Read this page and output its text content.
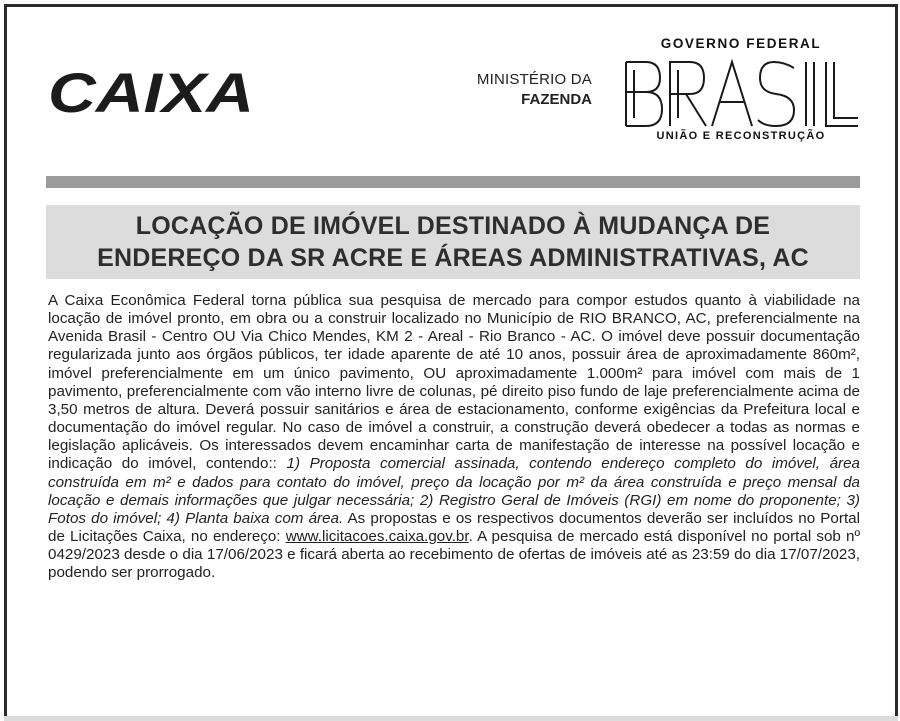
CAIXA	MINISTÉRIO DA
FAZENDA
GOVERNO FEDERAL
UNIÃO E RECONSTRUÇÃO
LOCAÇÃO DE IMÓVEL DESTINADO À MUDANÇA DE
ENDEREÇO DA SR ACRE E ÁREAS ADMINISTRATIVAS, AC
A Caixa Econômica Federal torna pública sua pesquisa de mercado para compor estudos quanto à viabilidade na locação de imóvel pronto, em obra ou a construir localizado no Município de RIO BRANCO, AC, preferencialmente na Avenida Brasil - Centro OU Via Chico Mendes, KM 2 - Areal - Rio Branco - AC. O imóvel deve possuir documentação regularizada junto aos órgãos públicos, ter idade aparente de até 10 anos, possuir área de aproximadamente 860m², imóvel preferencialmente em um único pavimento, OU aproximadamente 1.000m² para imóvel com mais de 1 pavimento, preferencialmente com vão interno livre de colunas, pé direito piso fundo de laje preferencialmente acima de 3,50 metros de altura. Deverá possuir sanitários e área de estacionamento, conforme exigências da Prefeitura local e documentação do imóvel regular. No caso de imóvel a construir, a construção deverá obedecer a todas as normas e legislação aplicáveis. Os interessados devem encaminhar carta de manifestação de interesse na possível locação e indicação do imóvel, contendo:: 1) Proposta comercial assinada, contendo endereço completo do imóvel, área construída em m² e dados para contato do imóvel, preço da locação por m² da área construída e preço mensal da locação e demais informações que julgar necessária; 2) Registro Geral de Imóveis (RGI) em nome do proponente; 3) Fotos do imóvel; 4) Planta baixa com área. As propostas e os respectivos documentos deverão ser incluídos no Portal de Licitações Caixa, no endereço: www.licitacoes.caixa.gov.br. A pesquisa de mercado está disponível no portal sob nº 0429/2023 desde o dia 17/06/2023 e ficará aberta ao recebimento de ofertas de imóveis até as 23:59 do dia 17/07/2023, podendo ser prorrogado.
